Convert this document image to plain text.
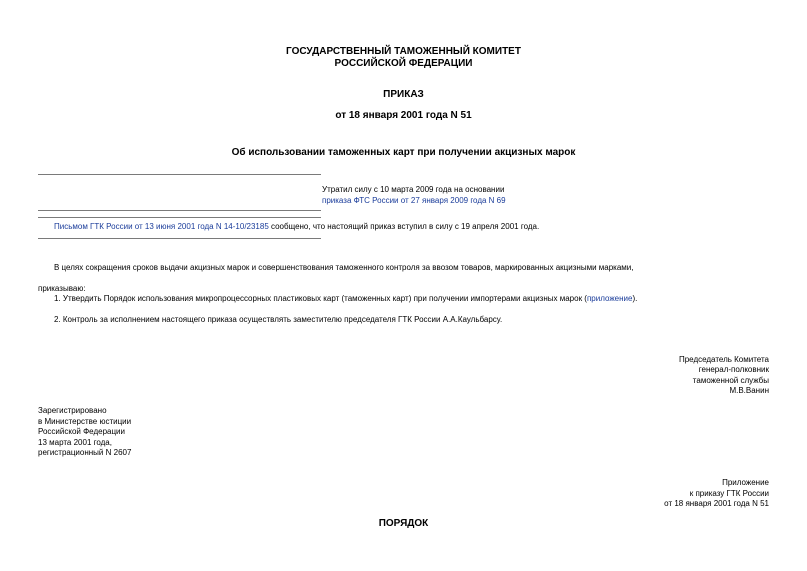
ГОСУДАРСТВЕННЫЙ ТАМОЖЕННЫЙ КОМИТЕТ
РОССИЙСКОЙ ФЕДЕРАЦИИ
ПРИКАЗ
от 18 января 2001 года N 51
Об использовании таможенных карт при получении акцизных марок
Утратил силу с 10 марта 2009 года на основании
приказа ФТС России от 27 января 2009 года N 69
Письмом ГТК России от 13 июня 2001 года N 14-10/23185 сообщено, что настоящий приказ вступил в силу с 19 апреля 2001 года.
В целях сокращения сроков выдачи акцизных марок и совершенствования таможенного контроля за ввозом товаров, маркированных акцизными марками,
приказываю:
1. Утвердить Порядок использования микропроцессорных пластиковых карт (таможенных карт) при получении импортерами акцизных марок (приложение).
2. Контроль за исполнением настоящего приказа осуществлять заместителю председателя ГТК России А.А.Каульбарсу.
Председатель Комитета
генерал-полковник
таможенной службы
М.В.Ванин
Зарегистрировано
в Министерстве юстиции
Российской Федерации
13 марта 2001 года,
регистрационный N 2607
Приложение
к приказу ГТК России
от 18 января 2001 года N 51
ПОРЯДОК
